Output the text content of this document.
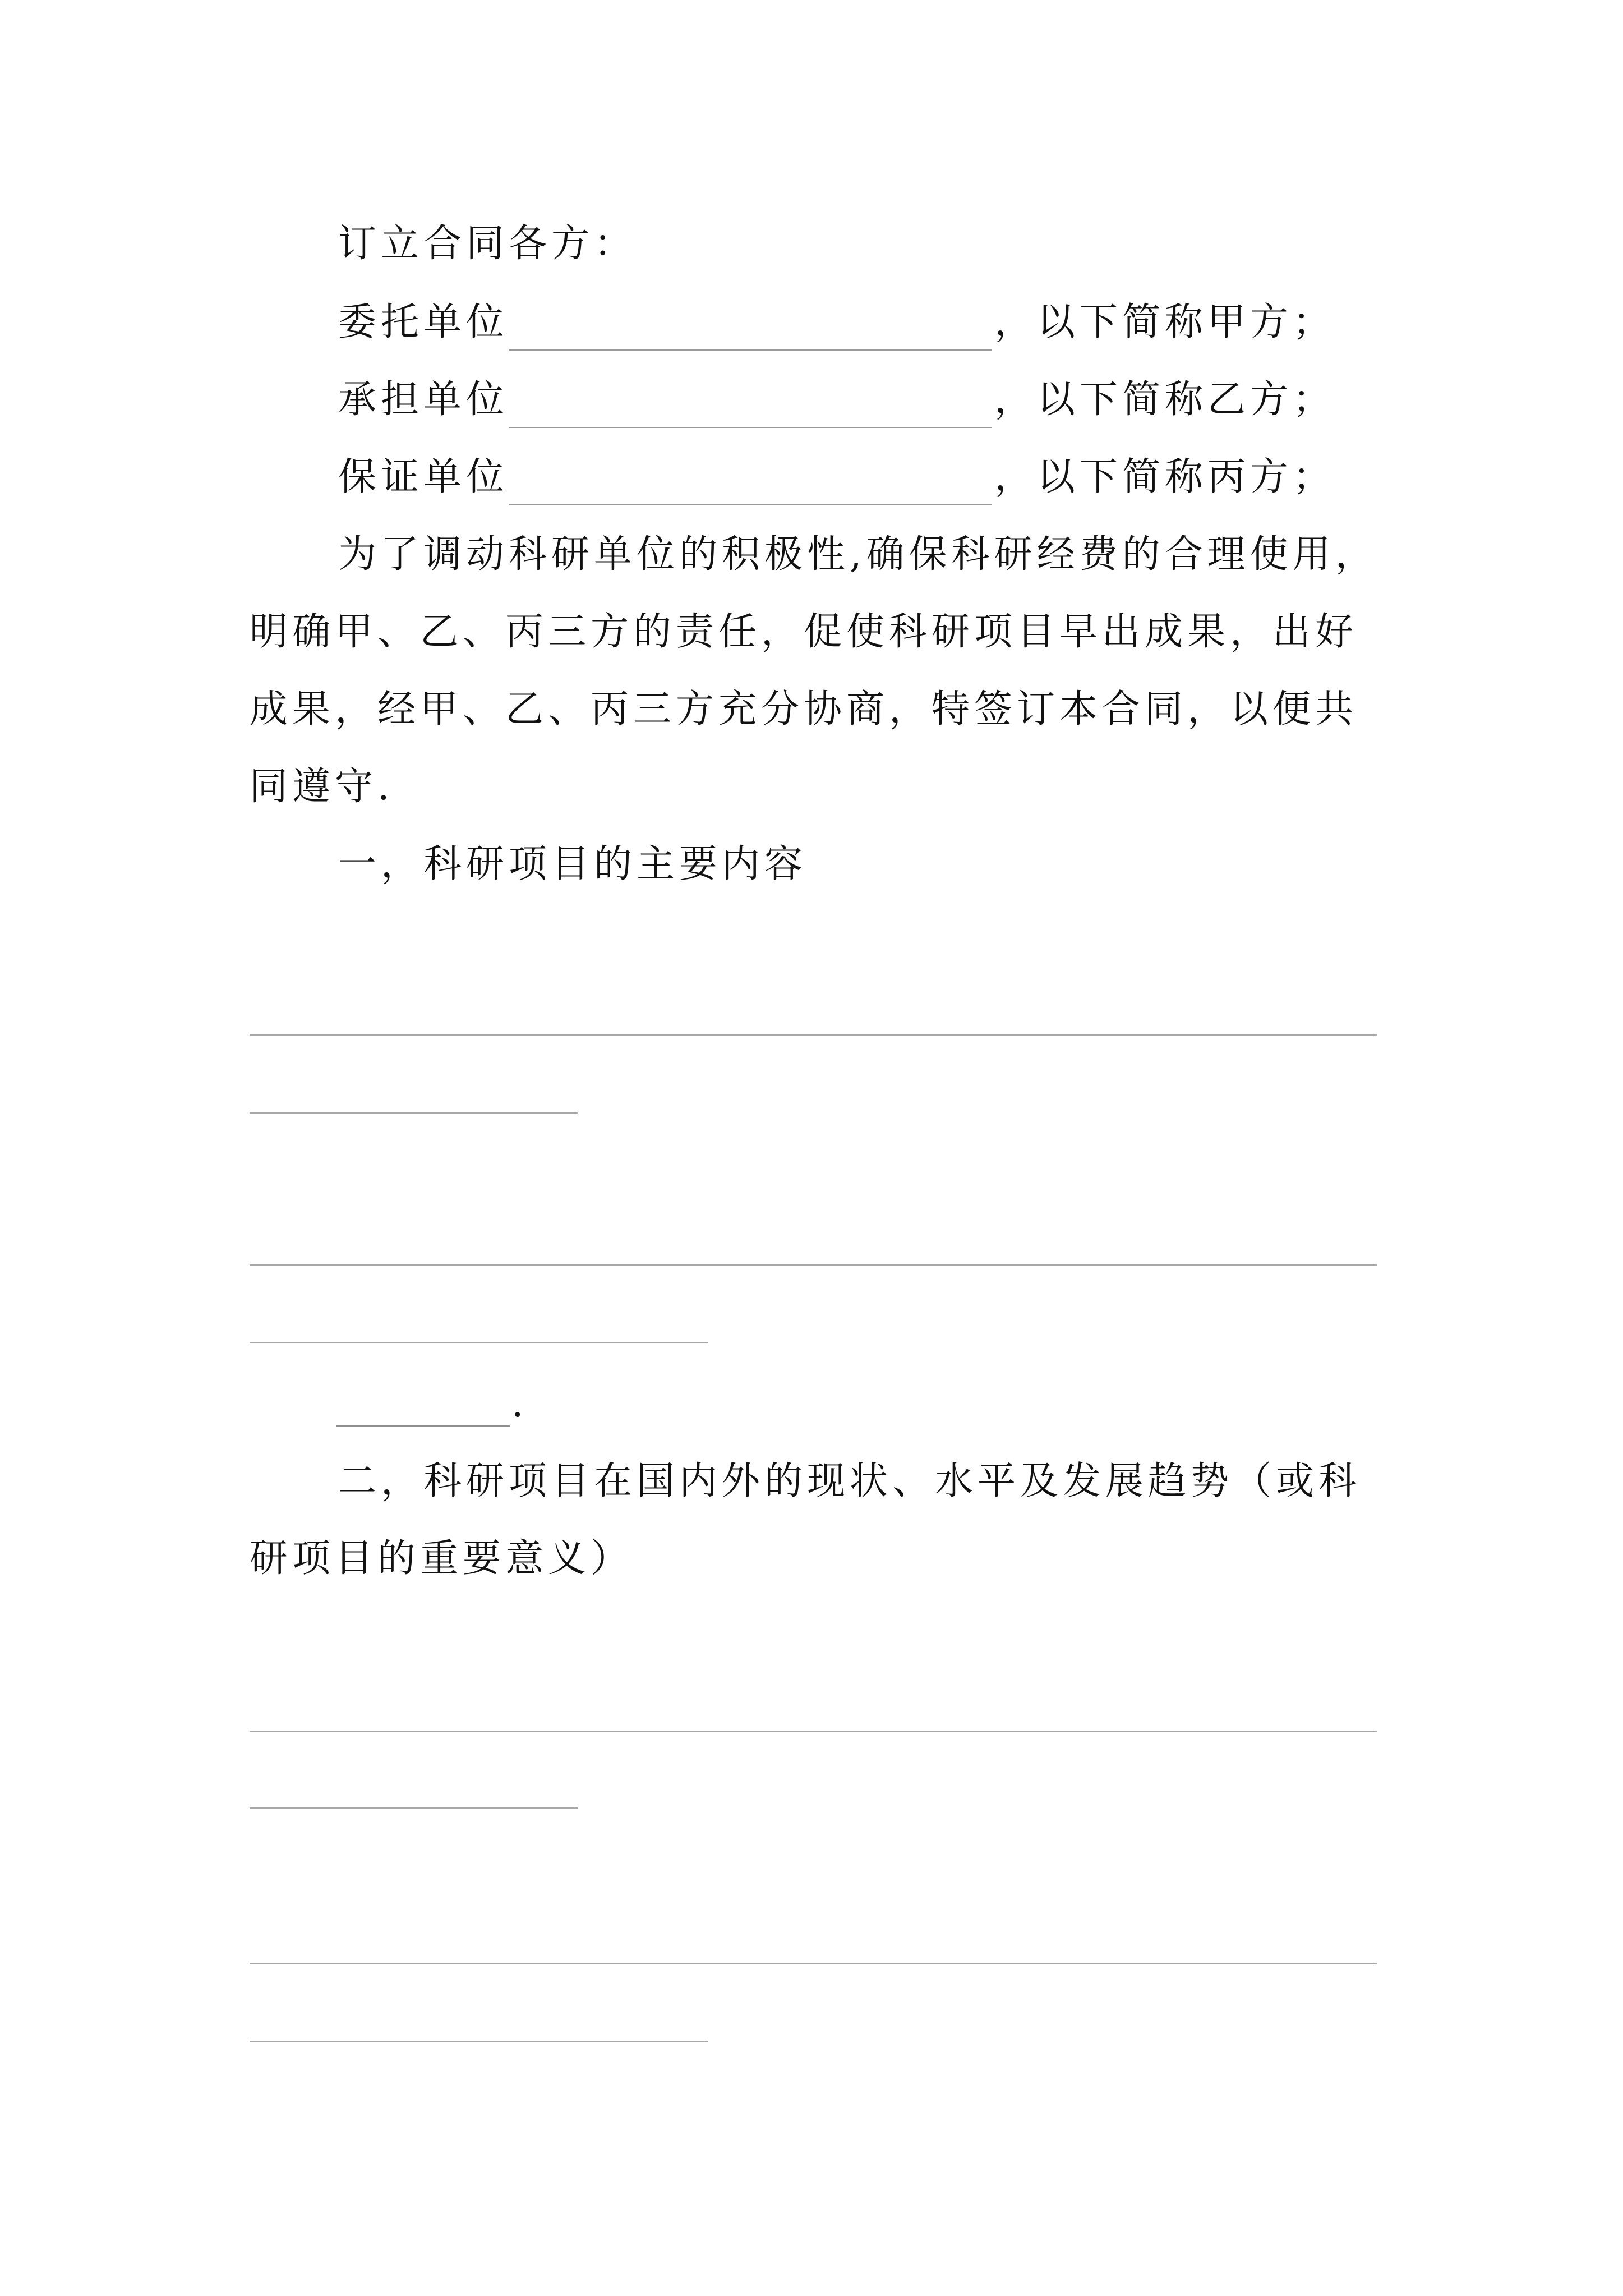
订立合同各方：
委托单位	，以下简称甲方；
承担单位	，以下简称乙方；
保证单位	，以下简称丙方；
为了调动科研单位的积极性,确保科研经费的合理使用，
明确甲、乙、丙三方的责任，促使科研项目早出成果，出好
成果，经甲、乙、丙三方充分协商，特签订本合同，以便共
同遵守.
一，科研项目的主要内容
.
二，科研项目在国内外的现状、水平及发展趋势（或科
研项目的重要意义）
